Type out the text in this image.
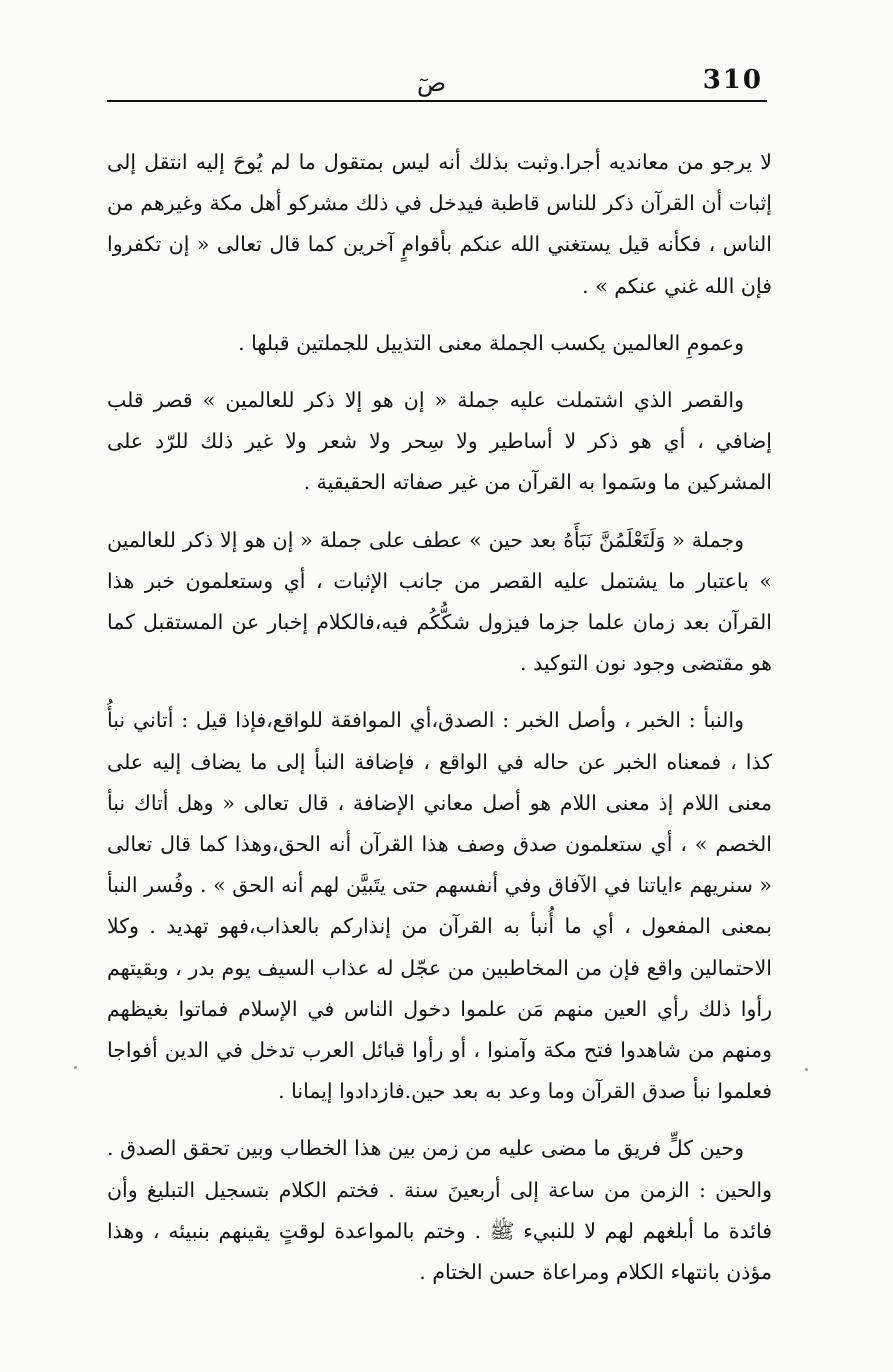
310
صٓ

لا يرجو من معانديه أجرا.وثبت بذلك أنه ليس بمتقول ما لم يُوحَ إليه انتقل إلى إثبات أن القرآن ذكر للناس قاطبة فيدخل في ذلك مشركو أهل مكة وغيرهم من الناس ، فكأنه قيل يستغني الله عنكم بأقوامٍ آخرين كما قال تعالى « إن تكفروا فإن الله غني عنكم » .

وعمومِ العالمين يكسب الجملة معنى التذييل للجملتين قبلها .

والقصر الذي اشتملت عليه جملة « إن هو إلا ذكر للعالمين » قصر قلب إضافي ، أي هو ذكر لا أساطير ولا سِحر ولا شعر ولا غير ذلك للرّد على المشركين ما وسَموا به القرآن من غير صفاته الحقيقية .

وجملة « وَلَتَعْلَمُنَّ نَبَأَهُ بعد حين » عطف على جملة « إن هو إلا ذكر للعالمين » باعتبار ما يشتمل عليه القصر من جانب الإثبات ، أي وستعلمون خبر هذا القرآن بعد زمان علما جزما فيزول شكُّكُم فيه،فالكلام إخبار عن المستقبل كما هو مقتضى وجود نون التوكيد .

والنبأ : الخبر ، وأصل الخبر : الصدق،أي الموافقة للواقع،فإذا قيل : أتاني نبأُ كذا ، فمعناه الخبر عن حاله في الواقع ، فإضافة النبأ إلى ما يضاف إليه على معنى اللام إذ معنى اللام هو أصل معاني الإضافة ، قال تعالى « وهل أتاك نبأ الخصم » ، أي ستعلمون صدق وصف هذا القرآن أنه الحق،وهذا كما قال تعالى « سنريهم ءاياتنا في الآفاق وفي أنفسهم حتى يتَبيَّن لهم أنه الحق » . وفُسر النبأ بمعنى المفعول ، أي ما أُنبأ به القرآن من إنذاركم بالعذاب،فهو تهديد . وكلا الاحتمالين واقع فإن من المخاطبين من عجّل له عذاب السيف يوم بدر ، وبقيتهم رأوا ذلك رأي العين منهم مَن علموا دخول الناس في الإسلام فماتوا بغيظهم ومنهم من شاهدوا فتح مكة وآمنوا ، أو رأوا قبائل العرب تدخل في الدين أفواجا فعلموا نبأ صدق القرآن وما وعد به بعد حين.فازدادوا إيمانا .

وحين كلٍّ فريق ما مضى عليه من زمن بين هذا الخطاب وبين تحقق الصدق . والحين : الزمن من ساعة إلى أربعينَ سنة . فختم الكلام بتسجيل التبليغ وأن فائدة ما أبلغهم لهم لا للنبيء ﷺ . وختم بالمواعدة لوقتٍ يقينهم بنبيئه ، وهذا مؤذن بانتهاء الكلام ومراعاة حسن الختام .
